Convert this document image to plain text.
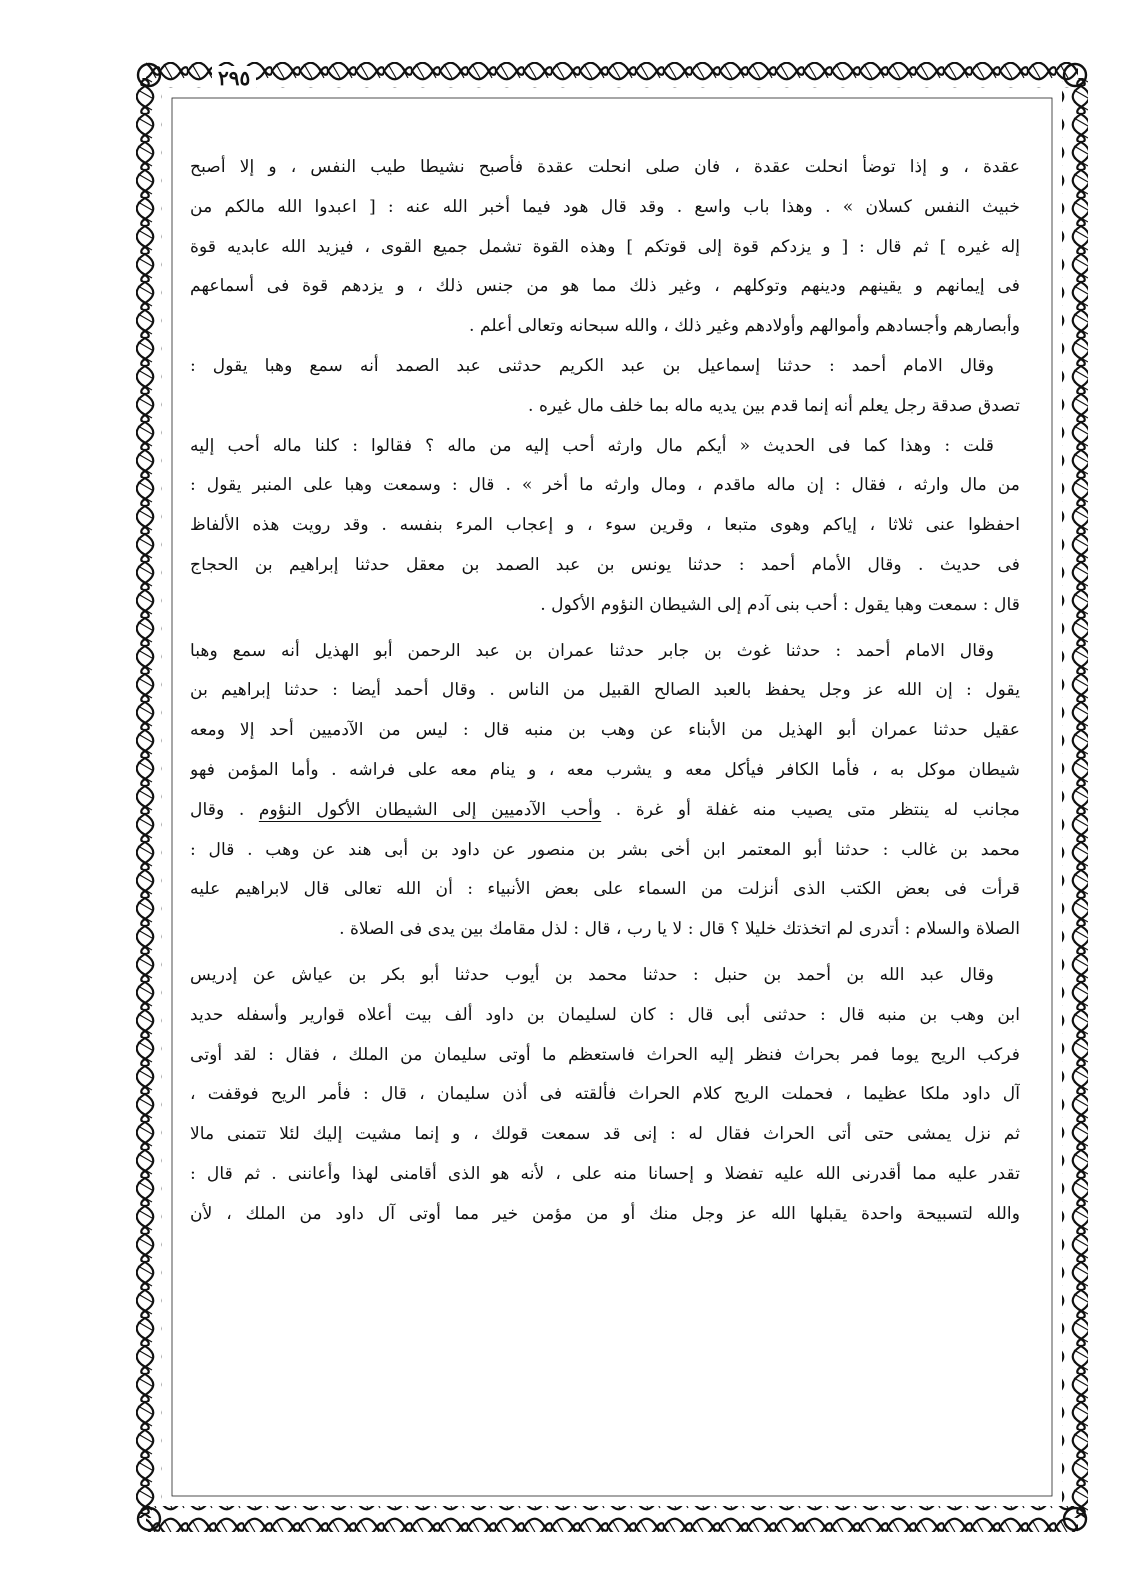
٢٩٥
عقدة ، و إذا توضأ انحلت عقدة ، فان صلى انحلت عقدة فأصبح نشيطا طيب النفس ، و إلا أصبح
خبيث النفس كسلان » . وهذا باب واسع . وقد قال هود فيما أخبر الله عنه : [ اعبدوا الله مالكم من
إله غيره ] ثم قال : [ و يزدكم قوة إلى قوتكم ] وهذه القوة تشمل جميع القوى ، فيزيد الله عابديه قوة
فى إيمانهم و يقينهم ودينهم وتوكلهم ، وغير ذلك مما هو من جنس ذلك ، و يزدهم قوة فى أسماعهم
وأبصارهم وأجسادهم وأموالهم وأولادهم وغير ذلك ، والله سبحانه وتعالى أعلم .
وقال الامام أحمد : حدثنا إسماعيل بن عبد الكريم حدثنى عبد الصمد أنه سمع وهبا يقول :
تصدق صدقة رجل يعلم أنه إنما قدم بين يديه ماله بما خلف مال غيره .
قلت : وهذا كما فى الحديث « أيكم مال وارثه أحب إليه من ماله ؟ فقالوا : كلنا ماله أحب إليه
من مال وارثه ، فقال : إن ماله ماقدم ، ومال وارثه ما أخر » . قال : وسمعت وهبا على المنبر يقول :
احفظوا عنى ثلاثا ، إياكم وهوى متبعا ، وقرين سوء ، و إعجاب المرء بنفسه . وقد رويت هذه الألفاظ
فى حديث . وقال الأمام أحمد : حدثنا يونس بن عبد الصمد بن معقل حدثنا إبراهيم بن الحجاج
قال : سمعت وهبا يقول : أحب بنى آدم إلى الشيطان النؤوم الأكول .
وقال الامام أحمد : حدثنا غوث بن جابر حدثنا عمران بن عبد الرحمن أبو الهذيل أنه سمع وهبا
يقول : إن الله عز وجل يحفظ بالعبد الصالح القبيل من الناس . وقال أحمد أيضا : حدثنا إبراهيم بن
عقيل حدثنا عمران أبو الهذيل من الأبناء عن وهب بن منبه قال : ليس من الآدميين أحد إلا ومعه
شيطان موكل به ، فأما الكافر فيأكل معه و يشرب معه ، و ينام معه على فراشه . وأما المؤمن فهو
مجانب له ينتظر متى يصيب منه غفلة أو غرة . وأحب الآدميين إلى الشيطان الأكول النؤوم . وقال
محمد بن غالب : حدثنا أبو المعتمر ابن أخى بشر بن منصور عن داود بن أبى هند عن وهب . قال :
قرأت فى بعض الكتب الذى أنزلت من السماء على بعض الأنبياء : أن الله تعالى قال لابراهيم عليه
الصلاة والسلام : أتدرى لم اتخذتك خليلا ؟ قال : لا يا رب ، قال : لذل مقامك بين يدى فى الصلاة .
وقال عبد الله بن أحمد بن حنبل : حدثنا محمد بن أيوب حدثنا أبو بكر بن عياش عن إدريس
ابن وهب بن منبه قال : حدثنى أبى قال : كان لسليمان بن داود ألف بيت أعلاه قوارير وأسفله حديد
فركب الريح يوما فمر بحراث فنظر إليه الحراث فاستعظم ما أوتى سليمان من الملك ، فقال : لقد أوتى
آل داود ملكا عظيما ، فحملت الريح كلام الحراث فألقته فى أذن سليمان ، قال : فأمر الريح فوقفت ،
ثم نزل يمشى حتى أتى الحراث فقال له : إنى قد سمعت قولك ، و إنما مشيت إليك لئلا تتمنى مالا
تقدر عليه مما أقدرنى الله عليه تفضلا و إحسانا منه على ، لأنه هو الذى أقامنى لهذا وأعاننى . ثم قال :
والله لتسبيحة واحدة يقبلها الله عز وجل منك أو من مؤمن خير مما أوتى آل داود من الملك ، لأن
